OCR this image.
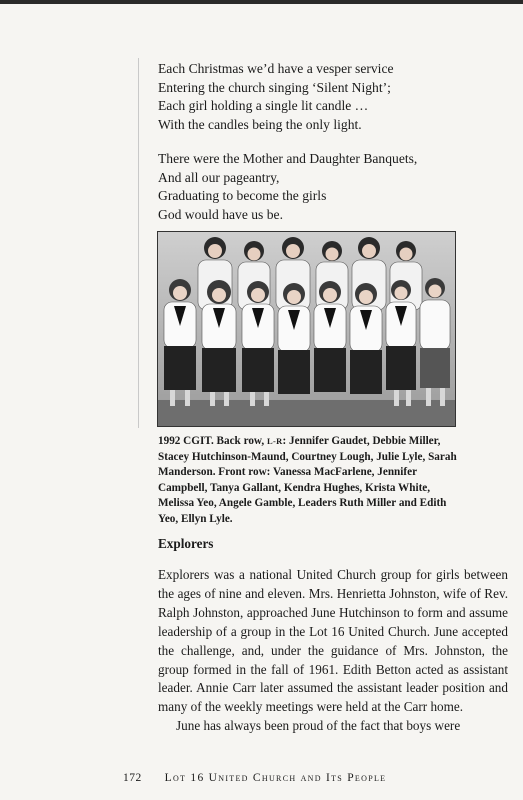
Each Christmas we’d have a vesper service
Entering the church singing ‘Silent Night’;
Each girl holding a single lit candle …
With the candles being the only light.
There were the Mother and Daughter Banquets,
And all our pageantry,
Graduating to become the girls
God would have us be.
1992 CGIT. Back row, L-R: Jennifer Gaudet, Debbie Miller, Stacey Hutchinson-Maund, Courtney Lough, Julie Lyle, Sarah Manderson. Front row: Vanessa MacFarlene, Jennifer Campbell, Tanya Gallant, Kendra Hughes, Krista White, Melissa Yeo, Angele Gamble, Leaders Ruth Miller and Edith Yeo, Ellyn Lyle.
Explorers

Explorers was a national United Church group for girls between the ages of nine and eleven. Mrs. Henrietta Johnston, wife of Rev. Ralph Johnston, approached June Hutchinson to form and assume leadership of a group in the Lot 16 United Church. June accepted the challenge, and, under the guidance of Mrs. Johnston, the group formed in the fall of 1961. Edith Betton acted as assistant leader. Annie Carr later assumed the assistant leader position and many of the weekly meetings were held at the Carr home.

June has always been proud of the fact that boys were

172 Lot 16 United Church and Its People
